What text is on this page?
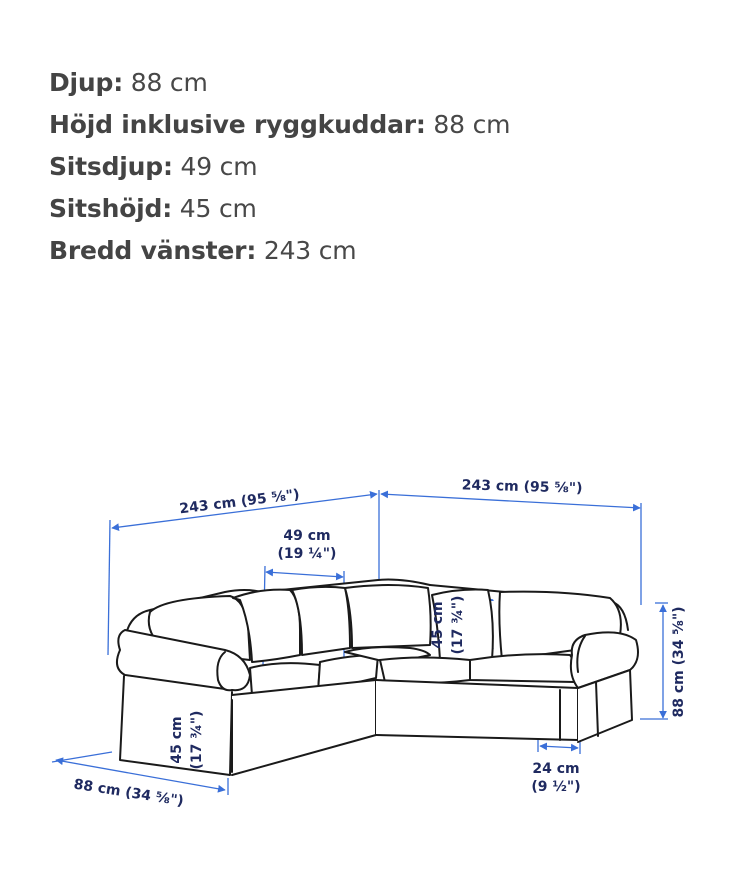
Djup: 88 cm
Höjd inklusive ryggkuddar: 88 cm
Sitsdjup: 49 cm
Sitshöjd: 45 cm
Bredd vänster: 243 cm
243 cm (95 ⅝")	243 cm (95 ⅝")
49 cm
(19 ¼")
45 cm (17 ¾")	88 cm (34 ⅝")
45 cm (17 ¾")
88 cm (34 ⅝")
24 cm
(9 ½")
